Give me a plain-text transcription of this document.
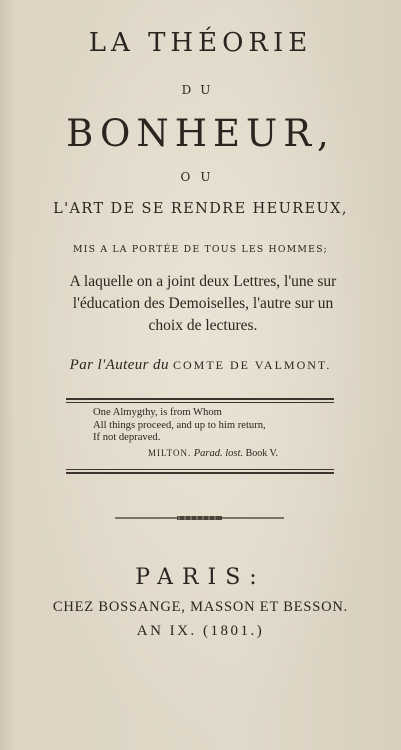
LA THÉORIE
DU
BONHEUR,
OU
L'ART DE SE RENDRE HEUREUX,
MIS A LA PORTÉE DE TOUS LES HOMMES;
A laquelle on a joint deux Lettres, l'une sur
l'éducation des Demoiselles, l'autre sur un
choix de lectures.
Par l'Auteur du COMTE DE VALMONT.
One Almygthy, is from Whom
All things proceed, and up to him return,
If not depraved.
MILTON. Parad. lost. Book V.
PARIS:
CHEZ BOSSANGE, MASSON ET BESSON.
AN IX. (1801.)
